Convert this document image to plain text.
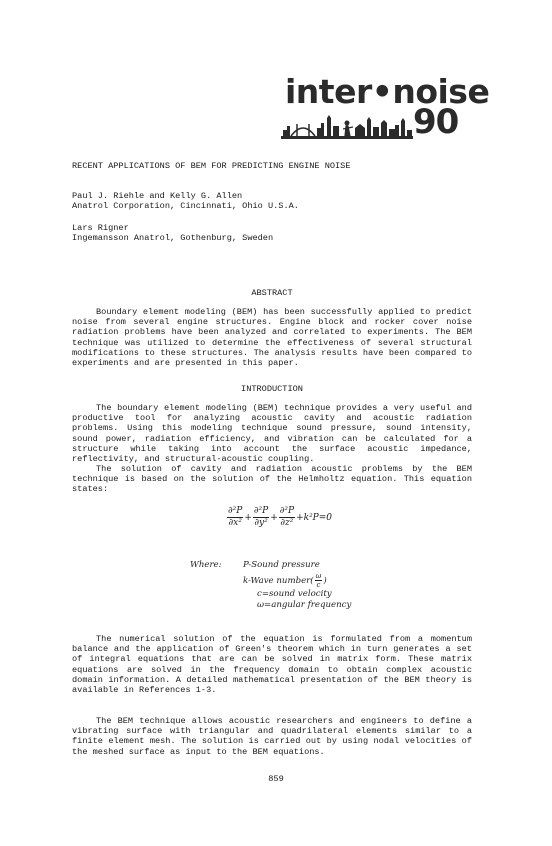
inter•noise
90
RECENT APPLICATIONS OF BEM FOR PREDICTING ENGINE NOISE
Paul J. Riehle and Kelly G. Allen
Anatrol Corporation, Cincinnati, Ohio U.S.A.
Lars Rigner
Ingemansson Anatrol, Gothenburg, Sweden
ABSTRACT

Boundary element modeling (BEM) has been successfully applied to predict noise from several engine structures. Engine block and rocker cover noise radiation problems have been analyzed and correlated to experiments. The BEM technique was utilized to determine the effectiveness of several structural modifications to these structures. The analysis results have been compared to experiments and are presented in this paper.

INTRODUCTION

The boundary element modeling (BEM) technique provides a very useful and productive tool for analyzing acoustic cavity and acoustic radiation problems. Using this modeling technique sound pressure, sound intensity, sound power, radiation efficiency, and vibration can be calculated for a structure while taking into account the surface acoustic impedance, reflectivity, and structural-acoustic coupling.

The solution of cavity and radiation acoustic problems by the BEM technique is based on the solution of the Helmholtz equation. This equation states:

$\frac{\text{∂²P}}{\text{∂x²}} + \frac{\text{∂²P}}{\text{∂y²}} + \frac{\text{∂²P}}{\text{∂z²}} +k^2P=0$
Where: P-Sound pressure
k-Wave number( $\frac{\omega}{c}$ )
c=sound velocity
ω=angular frequency

The numerical solution of the equation is formulated from a momentum balance and the application of Green's theorem which in turn generates a set of integral equations that are can be solved in matrix form. These matrix equations are solved in the frequency domain to obtain complex acoustic domain information. A detailed mathematical presentation of the BEM theory is available in References 1-3.

The BEM technique allows acoustic researchers and engineers to define a vibrating surface with triangular and quadrilateral elements similar to a finite element mesh. The solution is carried out by using nodal velocities of the meshed surface as input to the BEM equations.

859
